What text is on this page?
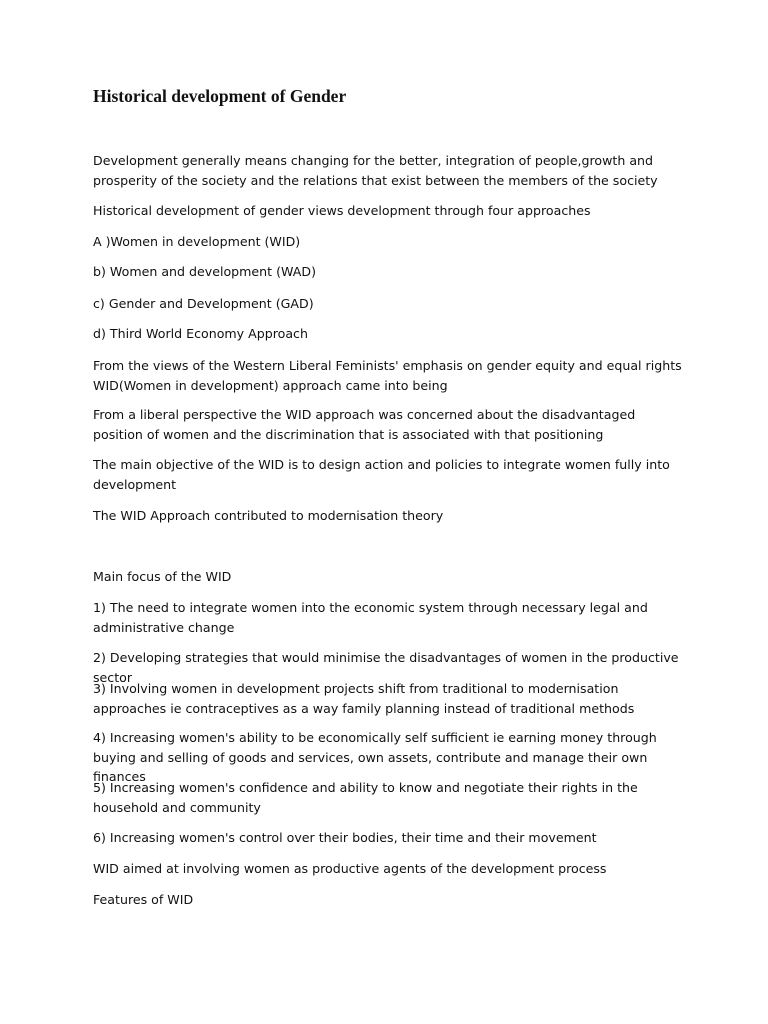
Historical development of Gender

Development generally means changing for the better, integration of people,growth and prosperity of the society and the relations that exist between the members of the society

Historical development of gender views development through four approaches

A )Women in development (WID)

b) Women and development (WAD)

c) Gender and Development (GAD)

d) Third World Economy Approach

From the views of the Western Liberal Feminists' emphasis on gender equity and equal rights WID(Women in development) approach came into being

From a liberal perspective the WID approach was concerned about the disadvantaged position of women and the discrimination that is associated with that positioning

The main objective of the WID is to design action and policies to integrate women fully into development

The WID Approach contributed to modernisation theory

Main focus of the WID

1) The need to integrate women into the economic system through necessary legal and administrative change

2) Developing strategies that would minimise the disadvantages of women in the productive sector

3) Involving women in development projects shift from traditional to modernisation approaches ie contraceptives as a way family planning instead of traditional methods

4) Increasing women's ability to be economically self sufficient ie earning money through buying and selling of goods and services, own assets, contribute and manage their own finances

5) Increasing women's confidence and ability to know and negotiate their rights in the household and community

6) Increasing women's control over their bodies, their time and their movement

WID aimed at involving women as productive agents of the development process

Features of WID
